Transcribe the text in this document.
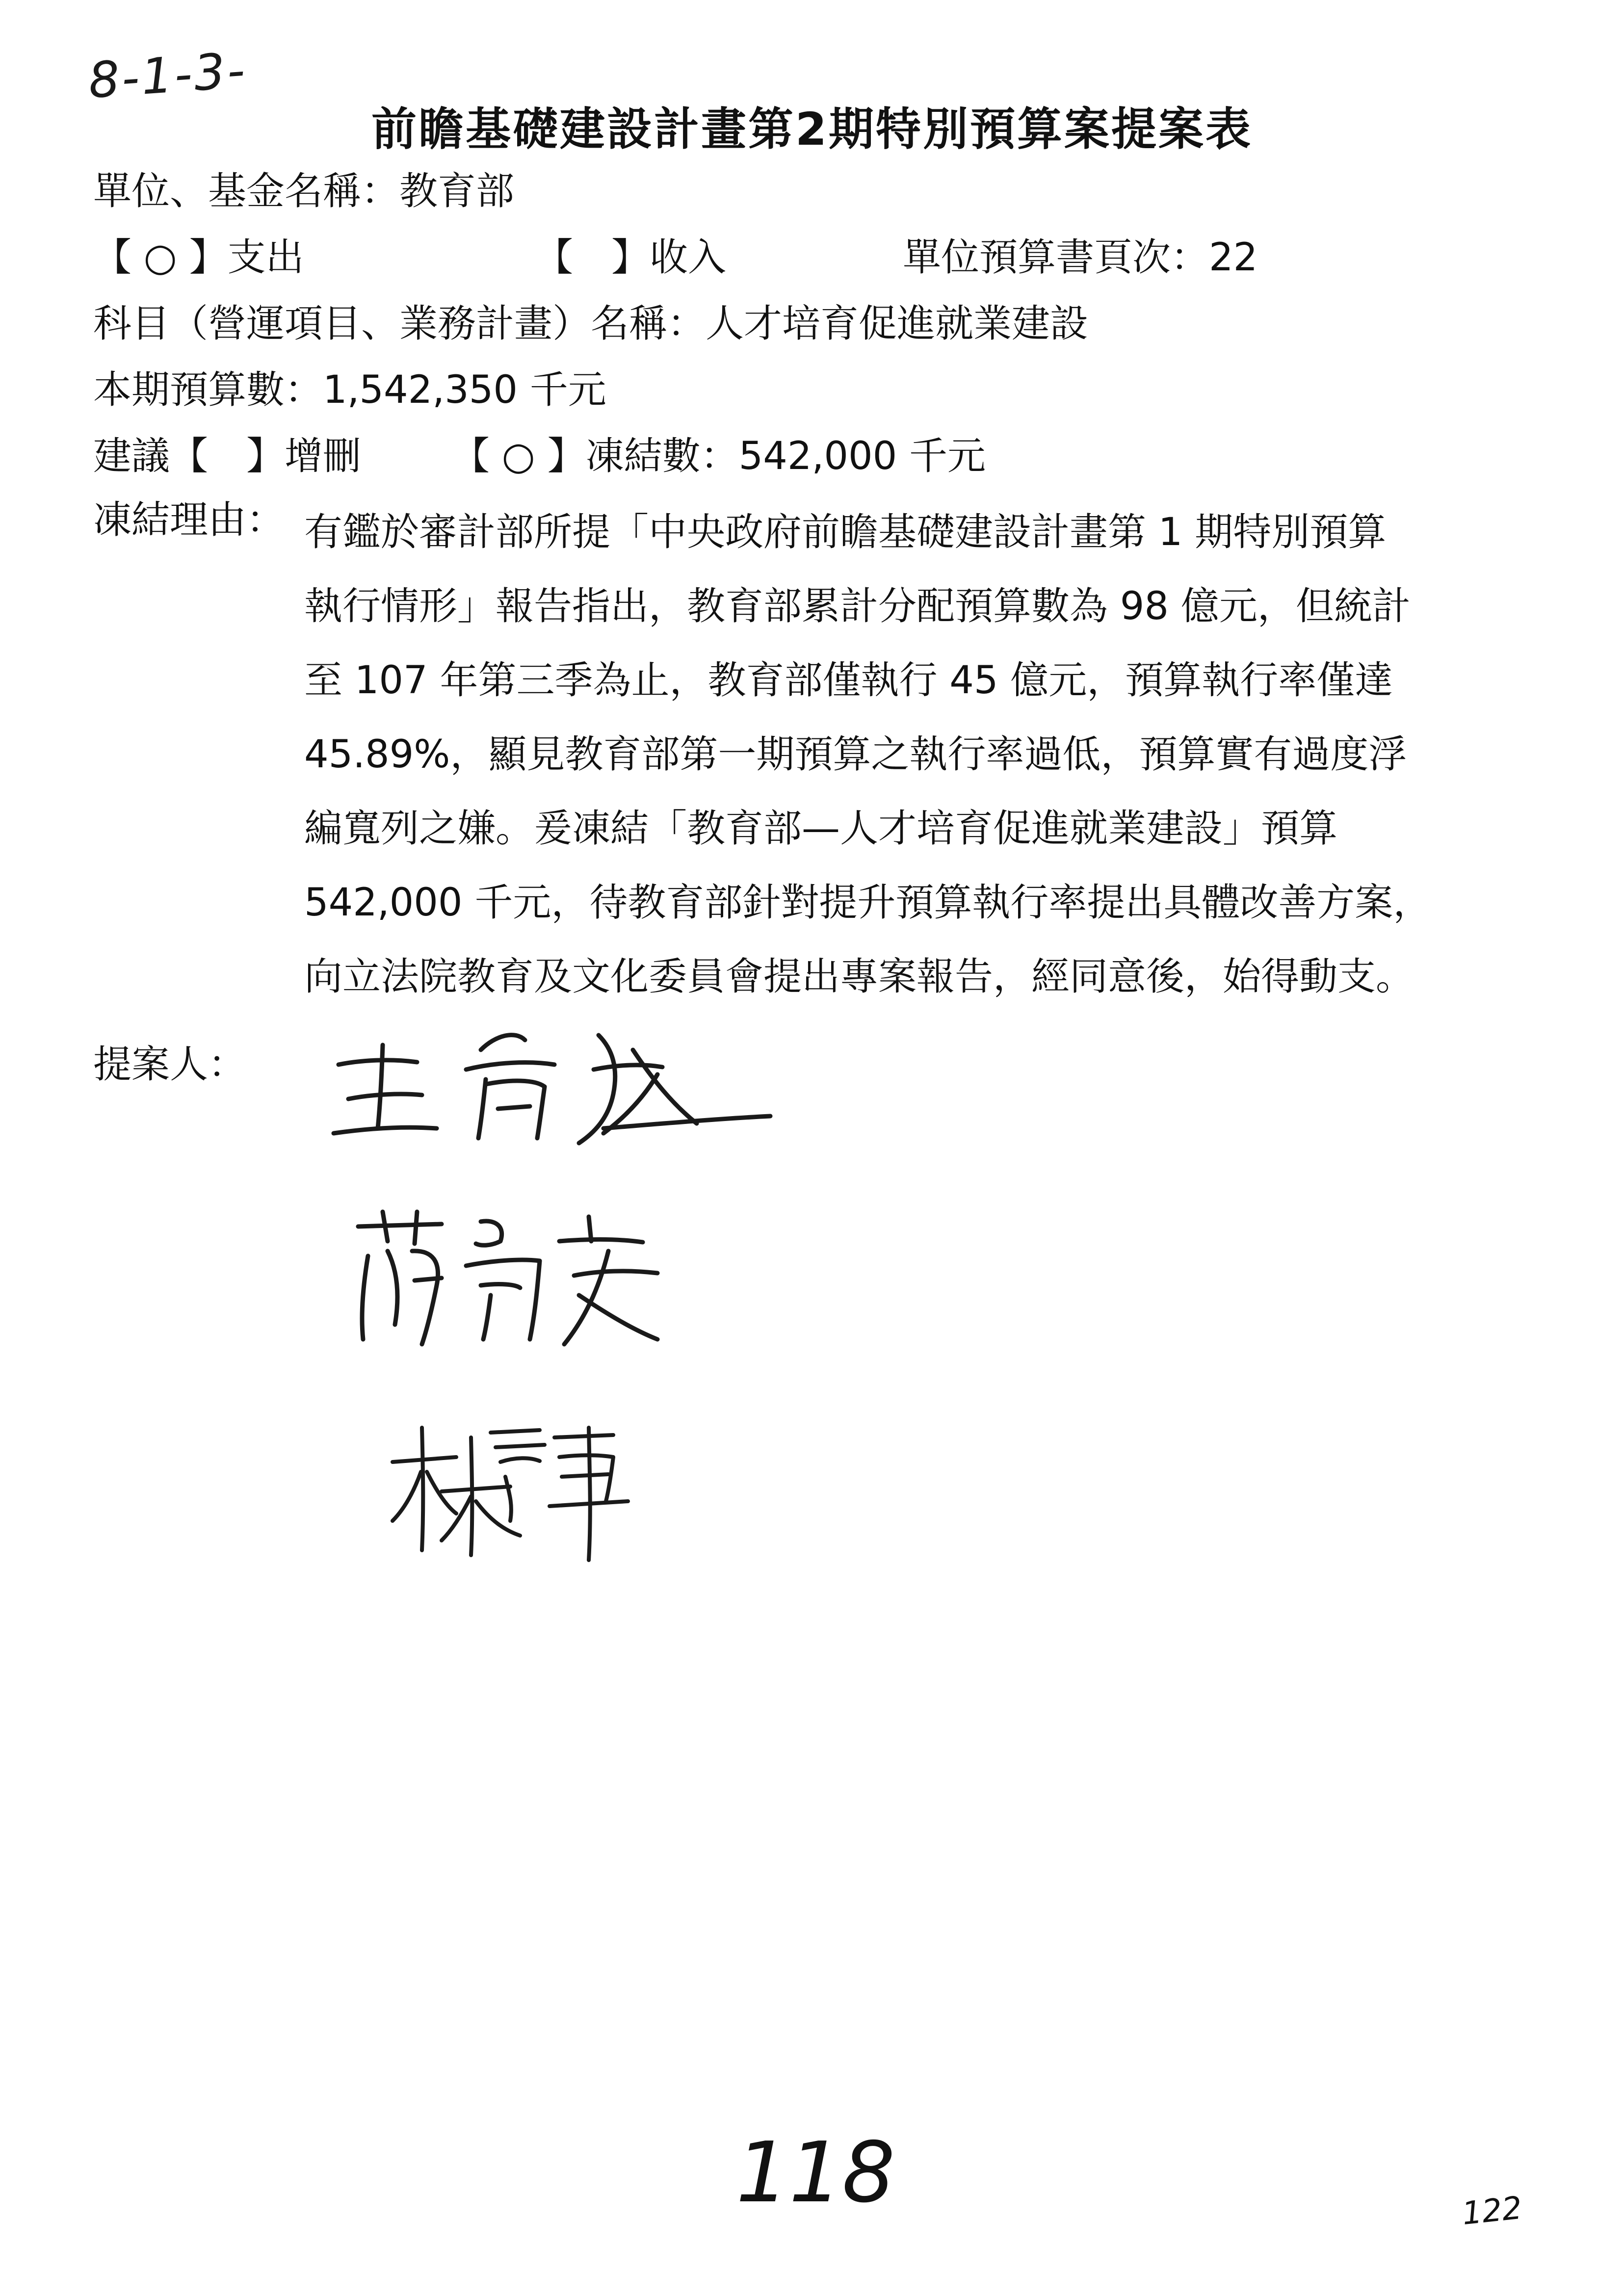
8-1-3-
前瞻基礎建設計畫第2期特別預算案提案表
單位、基金名稱：教育部
【 ○ 】支出	【　】收入	單位預算書頁次：22
科目（營運項目、業務計畫）名稱：人才培育促進就業建設
本期預算數：1,542,350 千元
建議【　】增刪 【 ○ 】凍結數：542,000 千元
凍結理由： 有鑑於審計部所提「中央政府前瞻基礎建設計畫第 1 期特別預算
執行情形」報告指出，教育部累計分配預算數為 98 億元，但統計
至 107 年第三季為止，教育部僅執行 45 億元，預算執行率僅達
45.89%，顯見教育部第一期預算之執行率過低，預算實有過度浮
編寬列之嫌。爰凍結「教育部—人才培育促進就業建設」預算
542,000 千元，待教育部針對提升預算執行率提出具體改善方案，
向立法院教育及文化委員會提出專案報告，經同意後，始得動支。
提案人：
118	122
